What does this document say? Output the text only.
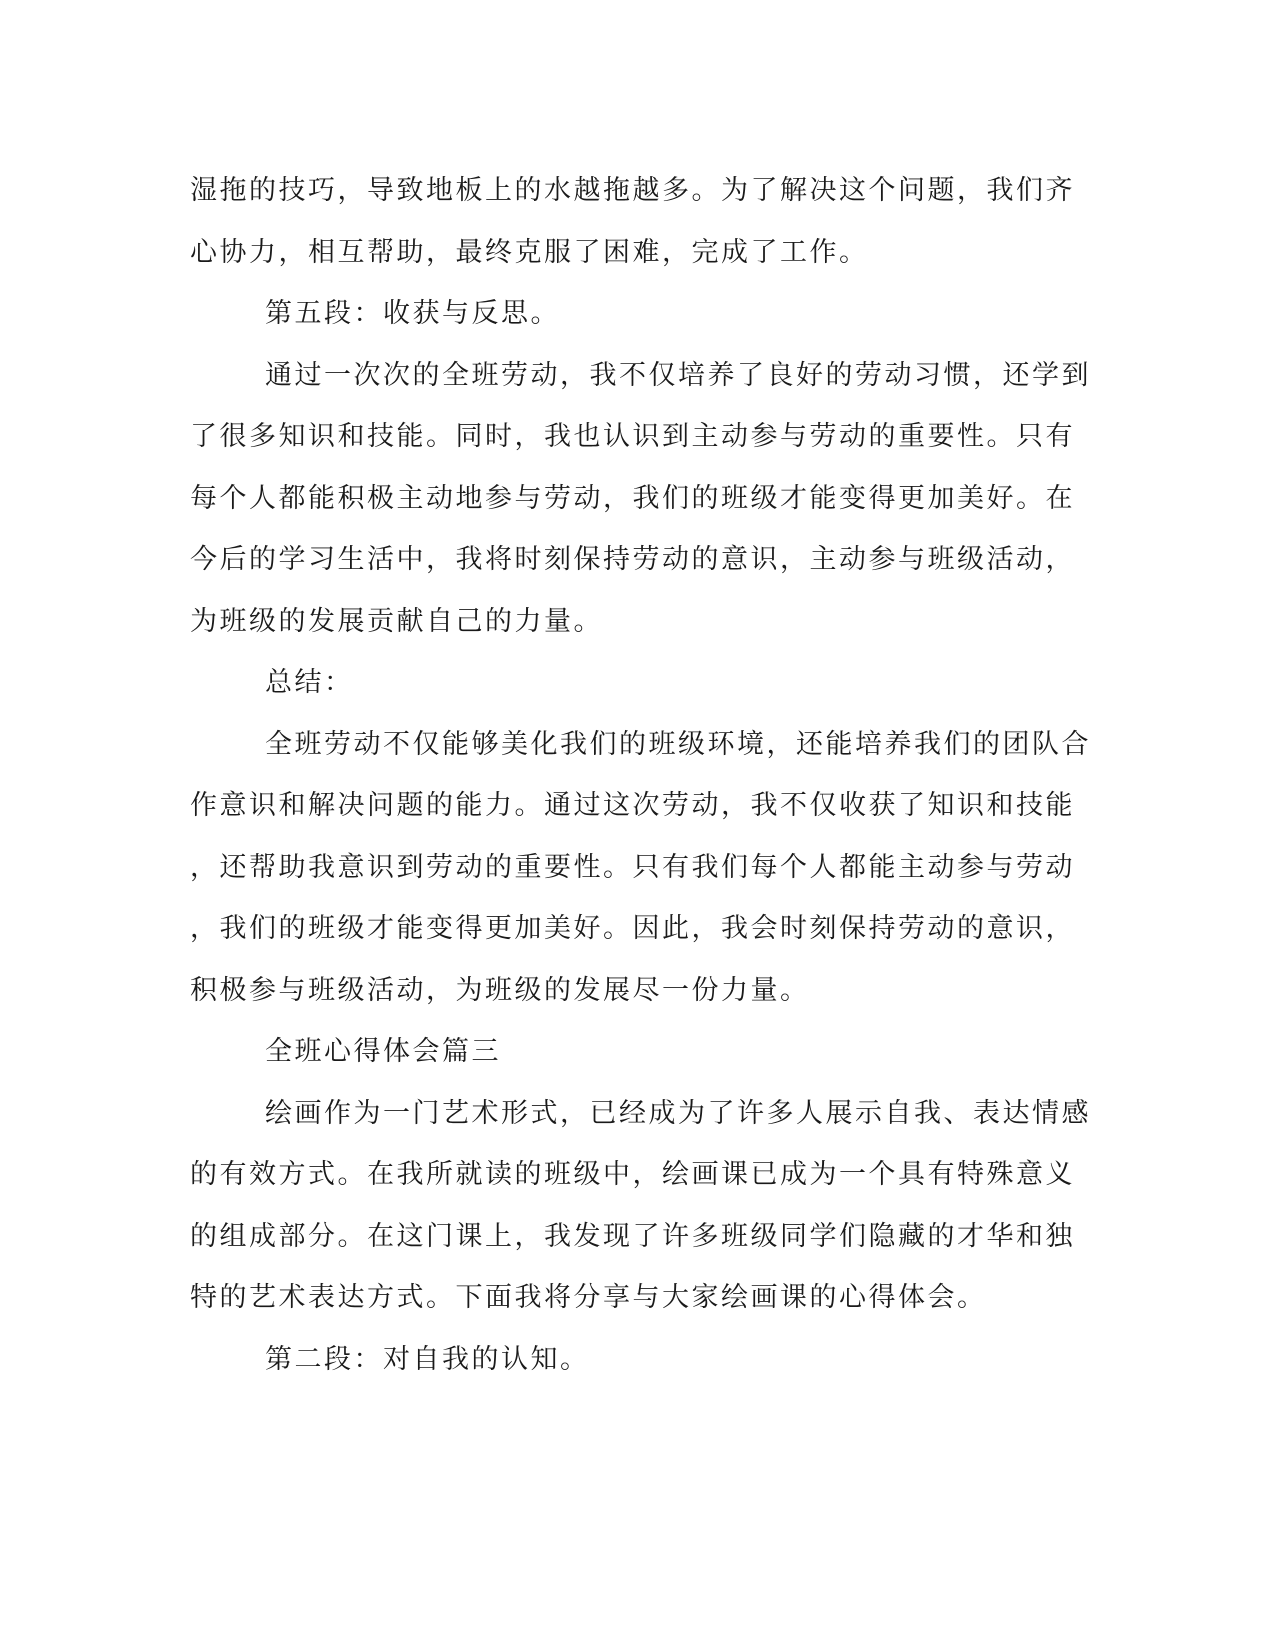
湿拖的技巧，导致地板上的水越拖越多。为了解决这个问题，我们齐
心协力，相互帮助，最终克服了困难，完成了工作。
第五段：收获与反思。
通过一次次的全班劳动，我不仅培养了良好的劳动习惯，还学到
了很多知识和技能。同时，我也认识到主动参与劳动的重要性。只有
每个人都能积极主动地参与劳动，我们的班级才能变得更加美好。在
今后的学习生活中，我将时刻保持劳动的意识，主动参与班级活动，
为班级的发展贡献自己的力量。
总结：
全班劳动不仅能够美化我们的班级环境，还能培养我们的团队合
作意识和解决问题的能力。通过这次劳动，我不仅收获了知识和技能
，还帮助我意识到劳动的重要性。只有我们每个人都能主动参与劳动
，我们的班级才能变得更加美好。因此，我会时刻保持劳动的意识，
积极参与班级活动，为班级的发展尽一份力量。
全班心得体会篇三
绘画作为一门艺术形式，已经成为了许多人展示自我、表达情感
的有效方式。在我所就读的班级中，绘画课已成为一个具有特殊意义
的组成部分。在这门课上，我发现了许多班级同学们隐藏的才华和独
特的艺术表达方式。下面我将分享与大家绘画课的心得体会。
第二段：对自我的认知。
